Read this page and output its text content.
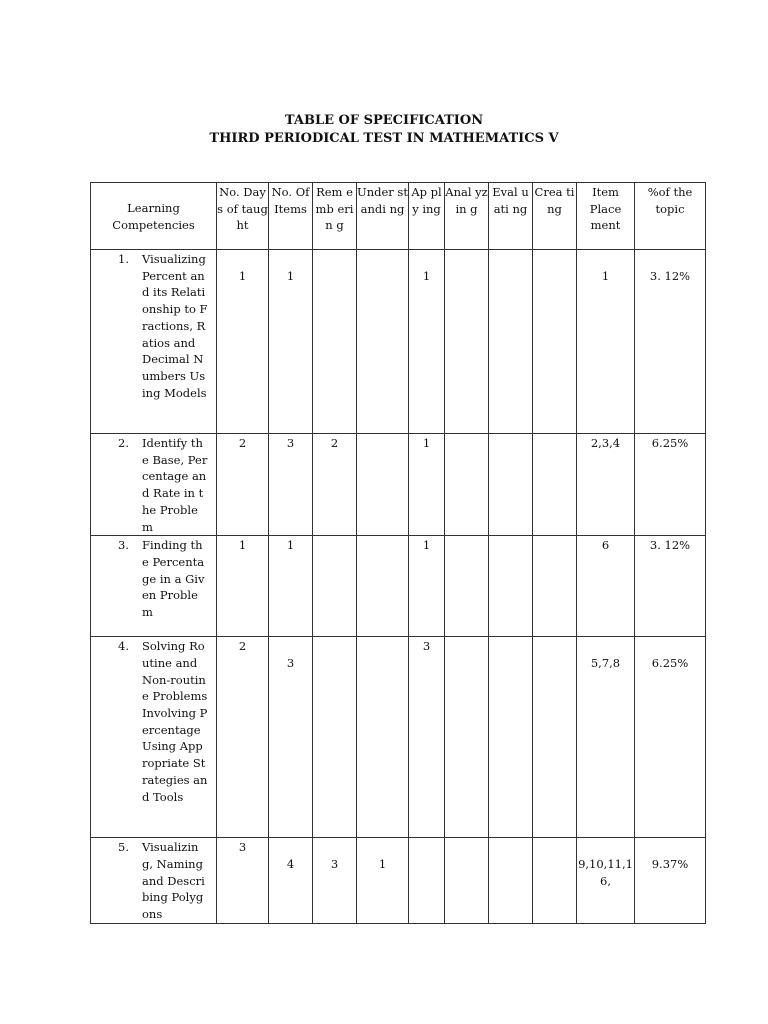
TABLE OF SPECIFICATION
THIRD PERIODICAL TEST IN MATHEMATICS V
Learning Competencies	No. Days of taught	No. Of Items	Rem emb erin g	Under standi ng	Ap ply ing	Anal yzin g	Eval uati ng	Crea ting	Item Place ment	%of the topic

1. Visualizing Percent and its Relationship to Fractions, Ratios and Decimal Numbers Using Models	1	1			1				1	3. 12%

2. Identify the Base, Percentage and Rate in the Problem	2	3	2		1				2,3,4	6.25%

3. Finding the Percentage in a Given Problem	1	1			1				6	3. 12%

4. Solving Routine and Non-routine Problems Involving Percentage Using Appropriate Strategies and Tools	2	3			3				5,7,8	6.25%

5. Visualizing, Naming and Describing Polygons	3	4	3	1					9,10,11,16,	9.37%
